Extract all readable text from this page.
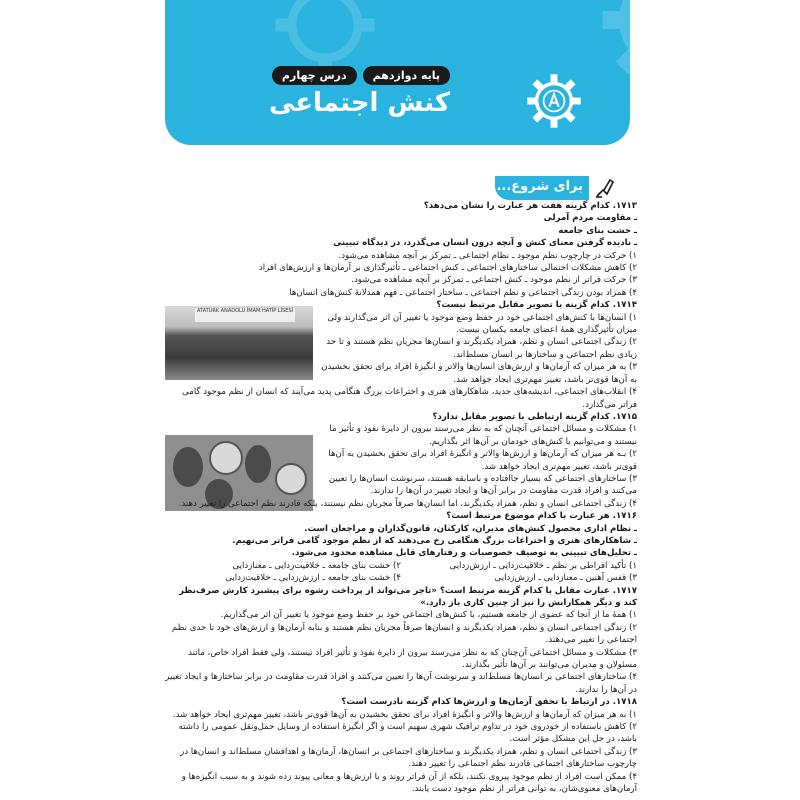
پایه دوازدهم
درس چهارم
کنش اجتماعی
برای شروع...
ATATURK ANADOLU İMAM HATİP LİSESİ
۱۷۱۳. کدام گزینه هفت هر عبارت را نشان می‌دهد؟
ـ مقاومت مردم آمرلی
ـ خشت بنای جامعه
ـ نادیده گرفتن معنای کنش و آنچه درون انسان می‌گذرد، در دیدگاه تبیینی
۱) حرکت در چارچوب نظم موجود ـ نظام اجتماعی ـ تمرکز بر آنچه مشاهده می‌شود.
۲) کاهش مشکلات احتمالی ساختارهای اجتماعی ـ کنش اجتماعی ـ تأثیرگذاری بر آرمان‌ها و ارزش‌های افراد
۳) حرکت فراتر از نظم موجود ـ کنش اجتماعی ـ تمرکز بر آنچه مشاهده می‌شود.
۴) همزاد بودن زندگی اجتماعی و نظم اجتماعی ـ ساختار اجتماعی ـ فهم همدلانهٔ کنش‌های انسان‌ها
۱۷۱۴. کدام گزینه با تصویر مقابل مرتبط نیست؟
۱) انسان‌ها با کنش‌های اجتماعی خود در حفظ وضع موجود یا تغییر آن اثر می‌گذارند ولی میزان تأثیرگذاری همهٔ اعضای جامعه یکسان نیست.
۲) زندگی اجتماعی انسان و نظم، همزاد یکدیگرند و انسان‌ها مجریان نظم هستند و تا حد زیادی نظم اجتماعی و ساختارها بر انسان مسلط‌اند.
۳) به هر میزان که آرمان‌ها و ارزش‌های انسان‌ها والاتر و انگیزهٔ افراد برای تحقق بخشیدن به آن‌ها قوی‌تر باشد، تغییر مهم‌تری ایجاد خواهد شد.
۴) انقلاب‌های اجتماعی، اندیشه‌های جدید، شاهکارهای هنری و اختراعات بزرگ هنگامی پدید می‌آیند که انسان از نظم موجود گامی فراتر می‌گذارد.
۱۷۱۵. کدام گزینه ارتباطی با تصویر مقابل ندارد؟
۱) مشکلات و مسائل اجتماعی آنچنان که به نظر می‌رسند بیرون از دایرهٔ نفوذ و تأثیر ما نیستند و می‌توانیم با کنش‌های خودمان بر آن‌ها اثر بگذاریم.
۲) بـه هر میزان که آرمان‌ها و ارزش‌ها والاتر و انگیزهٔ افراد برای تحقق بخشیدن به آن‌ها قوی‌تر باشد، تغییر مهم‌تری ایجاد خواهد شد.
۳) ساختارهای اجتماعی که بسیار جاافتاده و باسابقه هستند، سرنوشت انسان‌ها را تعیین می‌کنند و افراد قدرت مقاومت در برابر آن‌ها و ایجاد تغییر در آن‌ها را ندارند.
۴) زندگی اجتماعی انسان و نظم، همزاد یکدیگرند، اما انسان‌ها صرفاً مجریان نظم نیستند، بلکه قادرند نظم اجتماعی را تغییر دهند.
۱۷۱۶. هر عبارت با کدام موضوع مرتبط است؟
ـ نظام اداری محصول کنش‌های مدیران، کارکنان، قانون‌گذاران و مراجعان است.
ـ شاهکارهای هنری و اختراعات بزرگ هنگامی رخ می‌دهند که از نظم موجود گامی فراتر می‌نهیم.
ـ تحلیل‌های تبیینی به توصیف خصوصیات و رفتارهای قابل مشاهده محدود می‌شود.
۱) تأکید افراطی بر نظم ـ خلاقیت‌زدایی ـ ارزش‌زدایی
۲) خشت بنای جامعه ـ خلاقیت‌زدایی ـ معنازدایی
۳) قفس آهنین ـ معنازدایی ـ ارزش‌زدایی
۴) خشت بنای جامعه ـ ارزش‌زدایی ـ خلاقیت‌زدایی
۱۷۱۷. عبارت مقابل با کدام گزینه مرتبط است؟ «تاجر می‌تواند از پرداخت رشوه برای پیشبرد کارش صرف‌نظر کند و دیگر همکارانش را نیز از چنین کاری باز دارد.»
۱) همهٔ ما از آنجا که عضوی از جامعه هستیم، با کنش‌های اجتماعی خود بر حفظ وضع موجود یا تغییر آن اثر می‌گذاریم.
۲) زندگی اجتماعی انسان و نظم، همزاد یکدیگرند و انسان‌ها صرفاً مجریان نظم هستند و بنابه آرمان‌ها و ارزش‌های خود تا حدی نظم اجتماعی را تغییر می‌دهند.
۳) مشکلات و مسائل اجتماعی آن‌چنان که به نظر می‌رسند بیرون از دایرهٔ نفوذ و تأثیر افراد نیستند، ولی فقط افراد خاص، مانند مسئولان و مدیران می‌توانند بر آن‌ها تأثیر بگذارند.
۴) ساختارهای اجتماعی بر انسان‌ها مسلط‌اند و سرنوشت آن‌ها را تعیین می‌کنند و افراد قدرت مقاومت در برابر ساختارها و ایجاد تغییر در آن‌ها را ندارند.
۱۷۱۸. در ارتباط با تحقق آرمان‌ها و ارزش‌ها کدام گزینه نادرست است؟
۱) به هر میزان که آرمان‌ها و ارزش‌ها والاتر و انگیزهٔ افراد برای تحقق بخشیدن به آن‌ها قوی‌تر باشد، تغییر مهم‌تری ایجاد خواهد شد.
۲) کاهش باستفاده از خودروی خود در تداوم ترافیک شهری سهیم است و اگر انگیزهٔ استفاده از وسایل حمل‌ونقل عمومی را داشته باشد، در حل این مشکل مؤثر است.
۳) زندگی اجتماعی انسان و نظم، همزاد یکدیگرند و ساختارهای اجتماعی بر انسان‌ها، آرمان‌ها و اهدافشان مسلط‌اند و انسان‌ها در چارچوب ساختارهای اجتماعی قادرند نظم اجتماعی را تغییر دهند.
۴) ممکن است افراد از نظم موجود پیروی نکنند، بلکه از آن فراتر روند و با ارزش‌ها و معانی پیوند زده شوند و به سبب انگیزه‌ها و آرمان‌های معنوی‌شان، به توانی فراتر از نظم موجود دست یابند.
